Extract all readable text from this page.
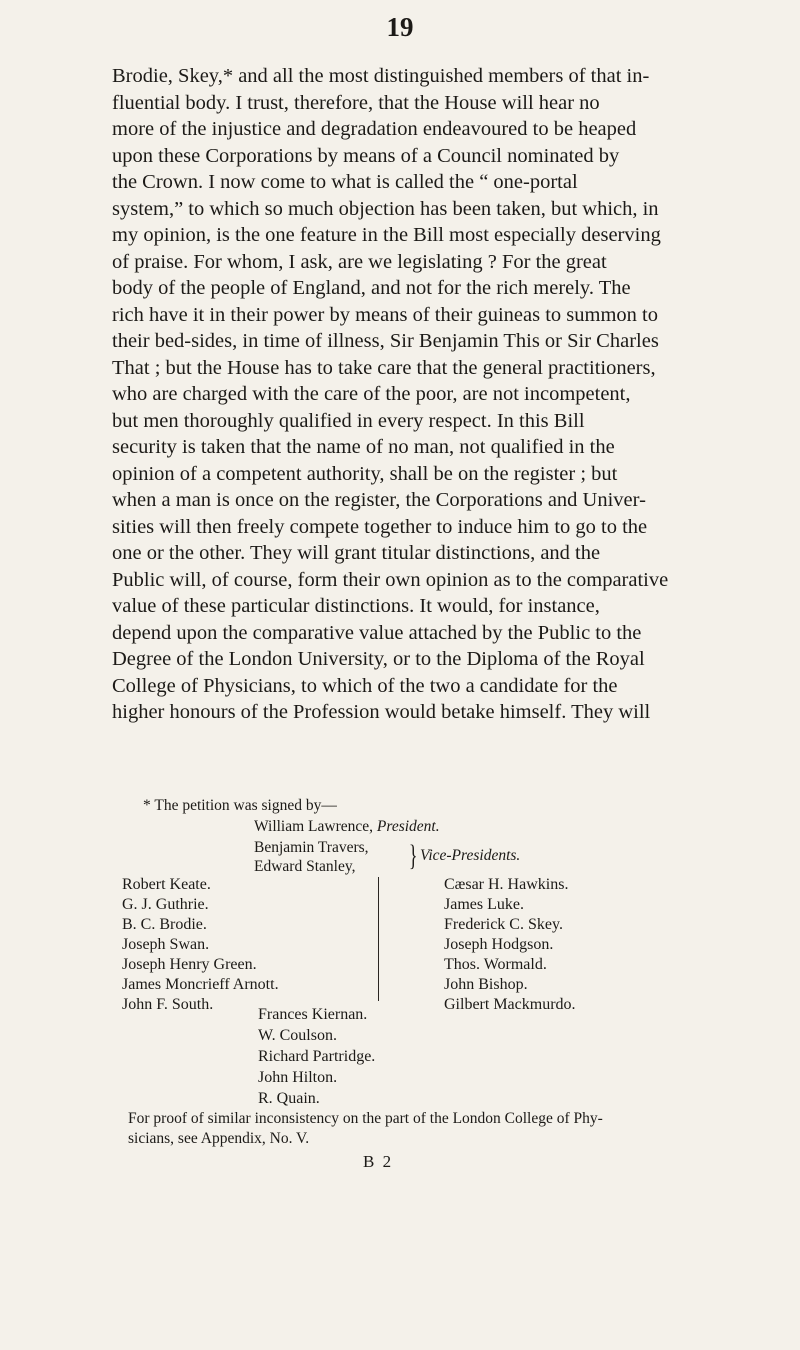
19

Brodie, Skey,* and all the most distinguished members of that in-

fluential body. I trust, therefore, that the House will hear no

more of the injustice and degradation endeavoured to be heaped

upon these Corporations by means of a Council nominated by

the Crown. I now come to what is called the “ one-portal

system,” to which so much objection has been taken, but which, in

my opinion, is the one feature in the Bill most especially deserving

of praise. For whom, I ask, are we legislating ? For the great

body of the people of England, and not for the rich merely. The

rich have it in their power by means of their guineas to summon to

their bed-sides, in time of illness, Sir Benjamin This or Sir Charles

That ; but the House has to take care that the general practitioners,

who are charged with the care of the poor, are not incompetent,

but men thoroughly qualified in every respect. In this Bill

security is taken that the name of no man, not qualified in the

opinion of a competent authority, shall be on the register ; but

when a man is once on the register, the Corporations and Univer-

sities will then freely compete together to induce him to go to the

one or the other. They will grant titular distinctions, and the

Public will, of course, form their own opinion as to the comparative

value of these particular distinctions. It would, for instance,

depend upon the comparative value attached by the Public to the

Degree of the London University, or to the Diploma of the Royal

College of Physicians, to which of the two a candidate for the

higher honours of the Profession would betake himself. They will

* The petition was signed by—
William Lawrence, President.
Benjamin Travers,
Edward Stanley,	} Vice-Presidents.
Robert Keate.
G. J. Guthrie.
B. C. Brodie.
Joseph Swan.
Joseph Henry Green.
James Moncrieff Arnott.
John F. South.
Cæsar H. Hawkins.
James Luke.
Frederick C. Skey.
Joseph Hodgson.
Thos. Wormald.
John Bishop.
Gilbert Mackmurdo.
Frances Kiernan.
W. Coulson.
Richard Partridge.
John Hilton.
R. Quain.
For proof of similar inconsistency on the part of the London College of Phy-
sicians, see Appendix, No. V.
B 2
